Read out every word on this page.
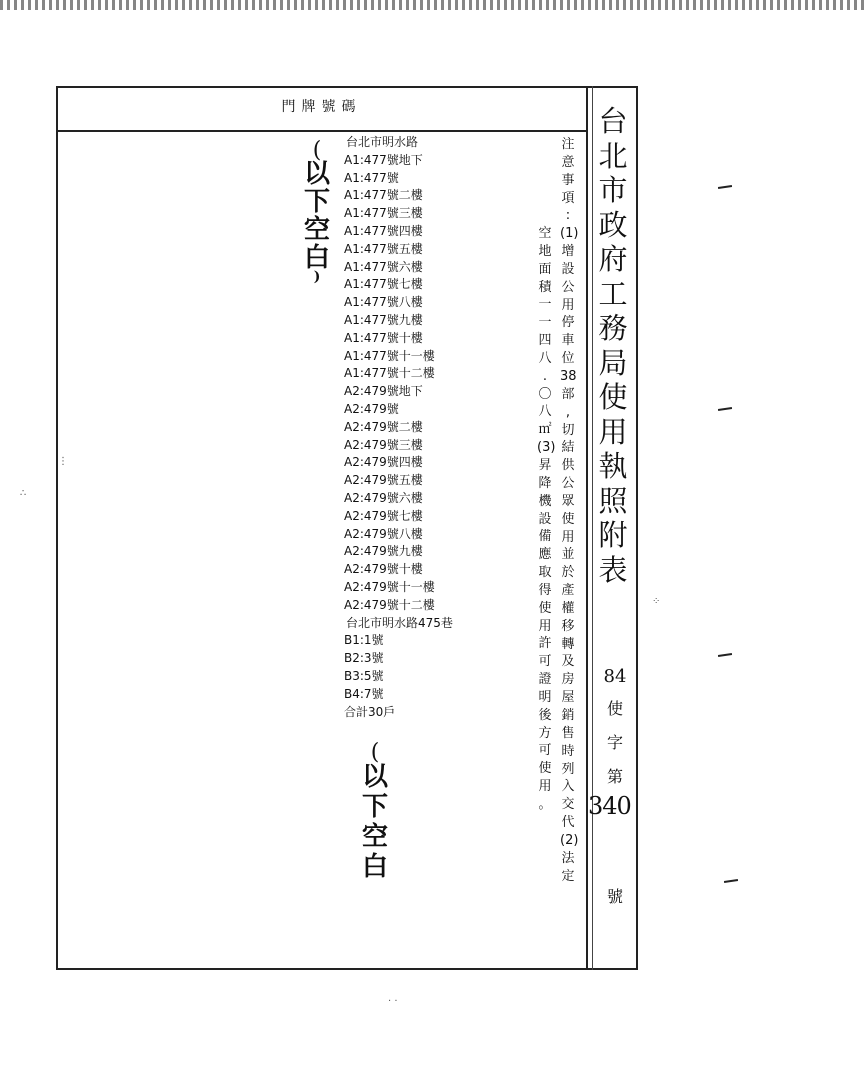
門牌號碼
台北市明水路
A1:477號地下
A1:477號
A1:477號二樓
A1:477號三樓
A1:477號四樓
A1:477號五樓
A1:477號六樓
A1:477號七樓
A1:477號八樓
A1:477號九樓
A1:477號十樓
A1:477號十一樓
A1:477號十二樓
A2:479號地下
A2:479號
A2:479號二樓
A2:479號三樓
A2:479號四樓
A2:479號五樓
A2:479號六樓
A2:479號七樓
A2:479號八樓
A2:479號九樓
A2:479號十樓
A2:479號十一樓
A2:479號十二樓
台北市明水路475巷
B1:1號
B2:3號
B3:5號
B4:7號
合計30戶
(
以
下
空
白
)
(
以
下
空
白
空
地
面
積
一
一
四
八
.
〇
八
㎡
(3)
昇
降
機
設
備
應
取
得
使
用
許
可
證
明
後
方
可
使
用
。
注
意
事
項
:
(1)
增
設
公
用
停
車
位
38
部
,
切
結
供
公
眾
使
用
並
於
產
權
移
轉
及
房
屋
銷
售
時
列
入
交
代
(2)
法
定
台
北
市
政
府
工
務
局
使
用
執
照
附
表
84
使
字
第
340
號
∴
⋮
⁘
· ·
